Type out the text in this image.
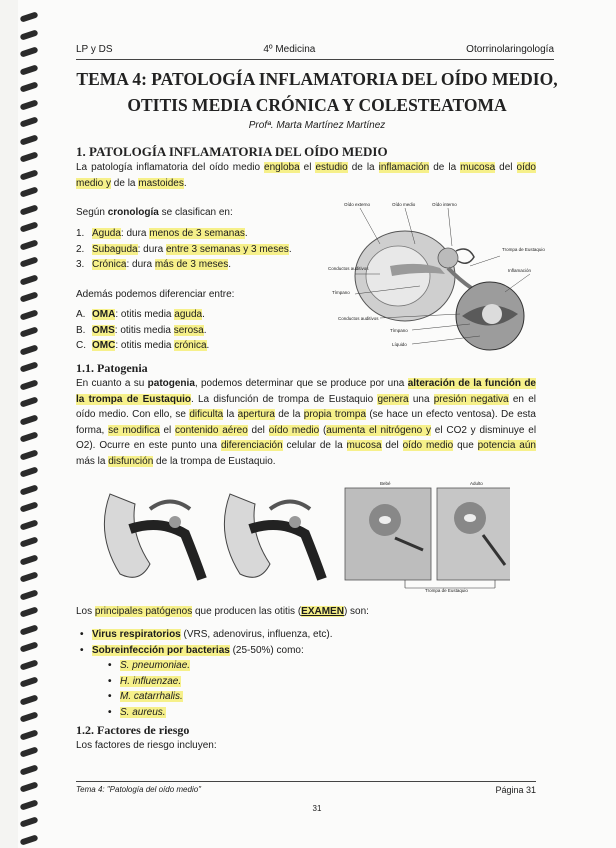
LP y DS	4º Medicina	Otorrinolaringología
TEMA 4: PATOLOGÍA INFLAMATORIA DEL OÍDO MEDIO,
OTITIS MEDIA CRÓNICA Y COLESTEATOMA
Profª. Marta Martínez Martínez
1. PATOLOGÍA INFLAMATORIA DEL OÍDO MEDIO
La patología inflamatoria del oído medio engloba el estudio de la inflamación de la mucosa del oído medio y de la mastoides.
Según cronología se clasifican en:
1. Aguda: dura menos de 3 semanas.
2. Subaguda: dura entre 3 semanas y 3 meses.
3. Crónica: dura más de 3 meses.
Además podemos diferenciar entre:
A. OMA: otitis media aguda.
B. OMS: otitis media serosa.
C. OMC: otitis media crónica.
Oído externo	Oído medio	Oído interno
Trompa de Eustaquio
Conductos auditivos
Tímpano
Inflamación
Conductos auditivos
Tímpano
Líquido
1.1. Patogenia
En cuanto a su patogenia, podemos determinar que se produce por una alteración de la función de la trompa de Eustaquio. La disfunción de trompa de Eustaquio genera una presión negativa en el oído medio. Con ello, se dificulta la apertura de la propia trompa (se hace un efecto ventosa). De esta forma, se modifica el contenido aéreo del oído medio (aumenta el nitrógeno y el CO2 y disminuye el O2). Ocurre en este punto una diferenciación celular de la mucosa del oído medio que potencia aún más la disfunción de la trompa de Eustaquio.
Bebé	Adulto
Trompa de Eustaquio
Los principales patógenos que producen las otitis (EXAMEN) son:
• Virus respiratorios (VRS, adenovirus, influenza, etc).
• Sobreinfección por bacterias (25-50%) como:
• S. pneumoniae.
• H. influenzae.
• M. catarrhalis.
• S. aureus.
1.2. Factores de riesgo
Los factores de riesgo incluyen:
Tema 4: "Patología del oído medio"	Página 31
31
